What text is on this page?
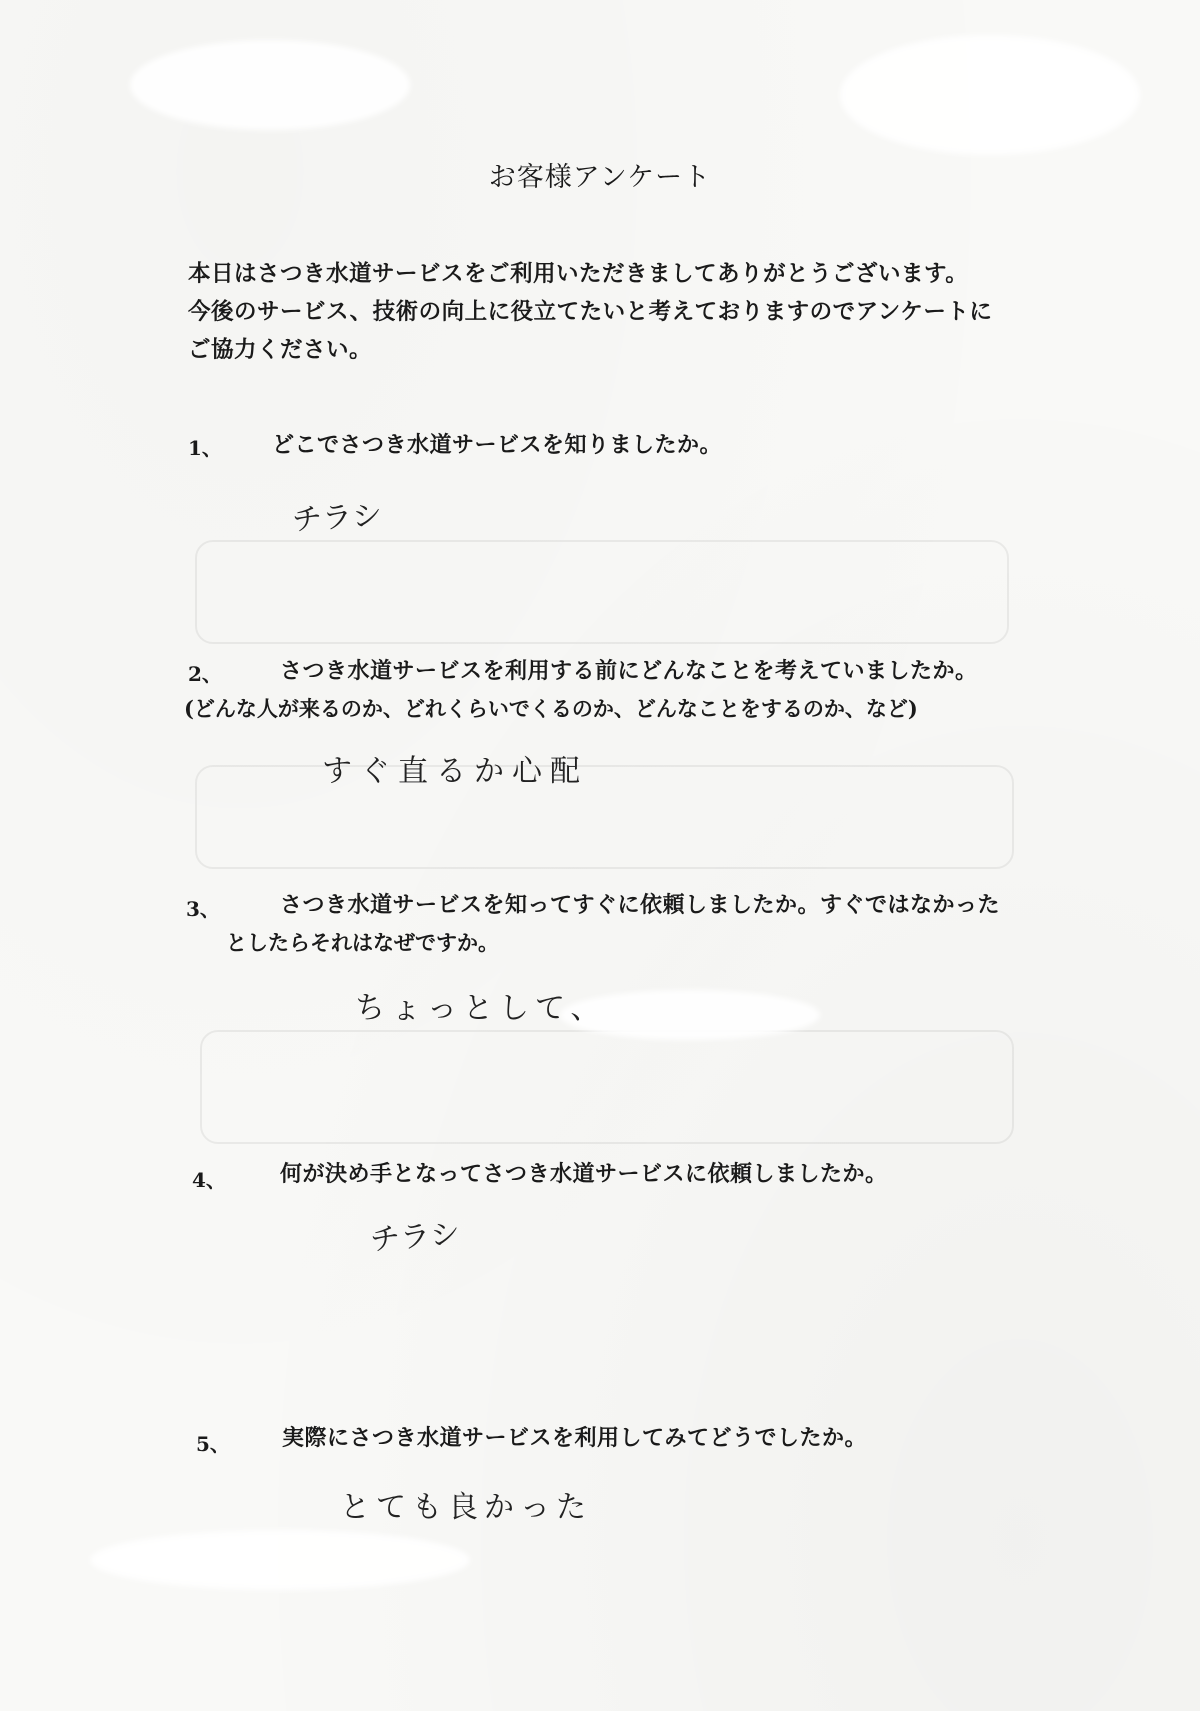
お客様アンケート
本日はさつき水道サービスをご利用いただきましてありがとうございます。
今後のサービス、技術の向上に役立てたいと考えておりますのでアンケートに
ご協力ください。
1、 どこでさつき水道サービスを知りましたか。
チラシ
2、	さつき水道サービスを利用する前にどんなことを考えていましたか。
(どんな人が来るのか、どれくらいでくるのか、どんなことをするのか、など)
すぐ直るか心配
3、	さつき水道サービスを知ってすぐに依頼しましたか。すぐではなかった
としたらそれはなぜですか。
ちょっとして、
4、 何が決め手となってさつき水道サービスに依頼しましたか。
チラシ
5、 実際にさつき水道サービスを利用してみてどうでしたか。
とても良かった
